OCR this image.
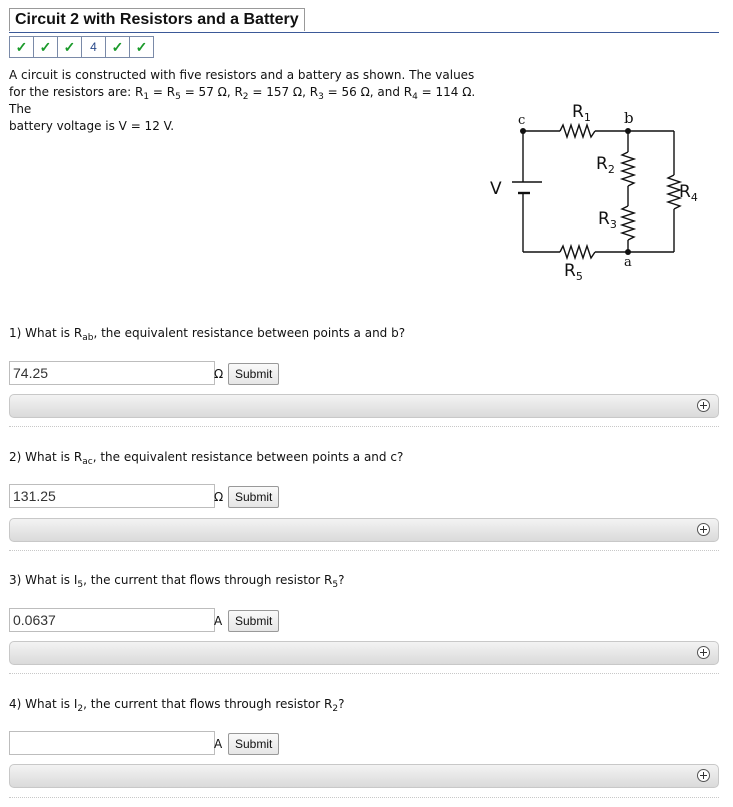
Circuit 2 with Resistors and a Battery
✓ ✓ ✓	4	✓ ✓
A circuit is constructed with five resistors and a battery as shown. The values
for the resistors are: $R_1 = R_5 = 57$ Ω, $R_2 = 157$ Ω, $R_3 = 56$ Ω, and $R_4 = 114$ Ω. The
battery voltage is V = 12 V.
$R_1$
$R_2$
$R_3$
$R_4$
$R_5$
c	b
a
V
1) What is $R_{ab}$, the equivalent resistance between points a and b?
74.25	Ω Submit
2) What is $R_{ac}$, the equivalent resistance between points a and c?
131.25	Ω Submit
3) What is $I_5$, the current that flows through resistor $R_5$?
0.0637	A	Submit
4) What is $I_2$, the current that flows through resistor $R_2$?
A	Submit
